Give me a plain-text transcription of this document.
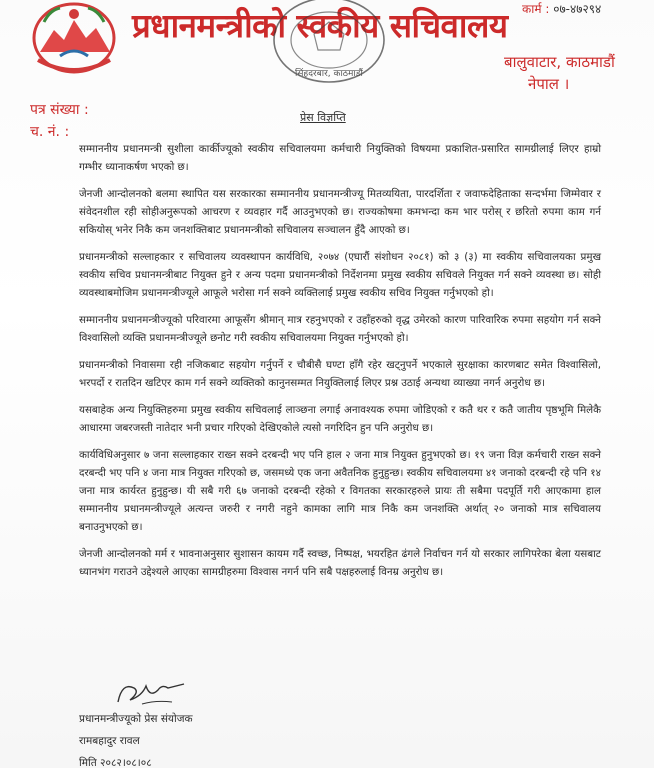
प्रधानमन्त्रीको स्वकीय सचिवालय
सिंहदरबार, काठमाडौं
कार्म : ०७-४७२९४
बालुवाटार, काठमाडौं
नेपाल ।
पत्र संख्या :
च. नं. :
प्रेस विज्ञप्ति

सम्माननीय प्रधानमन्त्री सुशीला कार्कीज्यूको स्वकीय सचिवालयमा कर्मचारी नियुक्तिको विषयमा प्रकाशित-प्रसारित सामग्रीलाई लिएर हाम्रो गम्भीर ध्यानाकर्षण भएको छ।

जेनजी आन्दोलनको बलमा स्थापित यस सरकारका सम्माननीय प्रधानमन्त्रीज्यू मितव्ययिता, पारदर्शिता र जवाफदेहिताका सन्दर्भमा जिम्मेवार र संवेदनशील रही सोहीअनुरूपको आचरण र व्यवहार गर्दै आउनुभएको छ। राज्यकोषमा कमभन्दा कम भार परोस् र छरितो रुपमा काम गर्न सकियोस् भनेर निकै कम जनशक्तिबाट प्रधानमन्त्रीको सचिवालय सञ्चालन हुँदै आएको छ।

प्रधानमन्त्रीको सल्लाहकार र सचिवालय व्यवस्थापन कार्यविधि, २०७४ (एघारौं संशोधन २०८१) को ३ (३) मा स्वकीय सचिवालयका प्रमुख स्वकीय सचिव प्रधानमन्त्रीबाट नियुक्त हुने र अन्य पदमा प्रधानमन्त्रीको निर्देशनमा प्रमुख स्वकीय सचिवले नियुक्त गर्न सक्ने व्यवस्था छ। सोही व्यवस्थाबमोजिम प्रधानमन्त्रीज्यूले आफूले भरोसा गर्न सक्ने व्यक्तिलाई प्रमुख स्वकीय सचिव नियुक्त गर्नुभएको हो।

सम्माननीय प्रधानमन्त्रीज्यूको परिवारमा आफूसँग श्रीमान् मात्र रहनुभएको र उहाँहरुको वृद्ध उमेरको कारण पारिवारिक रुपमा सहयोग गर्न सक्ने विश्वासिलो व्यक्ति प्रधानमन्त्रीज्यूले छनोट गरी स्वकीय सचिवालयमा नियुक्त गर्नुभएको हो।

प्रधानमन्त्रीको निवासमा रही नजिकबाट सहयोग गर्नुपर्ने र चौबीसै घण्टा हाँगै रहेर खट्नुपर्ने भएकाले सुरक्षाका कारणबाट समेत विश्वासिलो, भरपर्दो र रातदिन खटिएर काम गर्न सक्ने व्यक्तिको कानुनसम्मत नियुक्तिलाई लिएर प्रश्न उठाई अन्यथा व्याख्या नगर्न अनुरोध छ।

यसबाहेक अन्य नियुक्तिहरुमा प्रमुख स्वकीय सचिवलाई लाञ्छना लगाई अनावश्यक रुपमा जोडिएको र कतै थर र कतै जातीय पृष्ठभूमि मिलेकै आधारमा जबरजस्ती नातेदार भनी प्रचार गरिएको देखिएकोले त्यसो नगरिदिन हुन पनि अनुरोध छ।

कार्यविधिअनुसार ७ जना सल्लाहकार राख्न सक्ने दरबन्दी भए पनि हाल २ जना मात्र नियुक्त हुनुभएको छ। १९ जना विज्ञ कर्मचारी राख्न सक्ने दरबन्दी भए पनि ४ जना मात्र नियुक्त गरिएको छ, जसमध्ये एक जना अवैतनिक हुनुहुन्छ। स्वकीय सचिवालयमा ४१ जनाको दरबन्दी रहे पनि १४ जना मात्र कार्यरत हुनुहुन्छ। यी सबै गरी ६७ जनाको दरबन्दी रहेको र विगतका सरकारहरुले प्रायः ती सबैमा पदपूर्ति गरी आएकामा हाल सम्माननीय प्रधानमन्त्रीज्यूले अत्यन्त जरुरी र नगरी नहुने कामका लागि मात्र निकै कम जनशक्ति अर्थात् २० जनाको मात्र सचिवालय बनाउनुभएको छ।

जेनजी आन्दोलनको मर्म र भावनाअनुसार सुशासन कायम गर्दै स्वच्छ, निष्पक्ष, भयरहित ढंगले निर्वाचन गर्न यो सरकार लागिपरेका बेला यसबाट ध्यानभंग गराउने उद्देश्यले आएका सामग्रीहरुमा विश्वास नगर्न पनि सबै पक्षहरुलाई विनम्र अनुरोध छ।

प्रधानमन्त्रीज्यूको प्रेस संयोजक
रामबहादुर रावल
मिति २०८२।०८।०८
